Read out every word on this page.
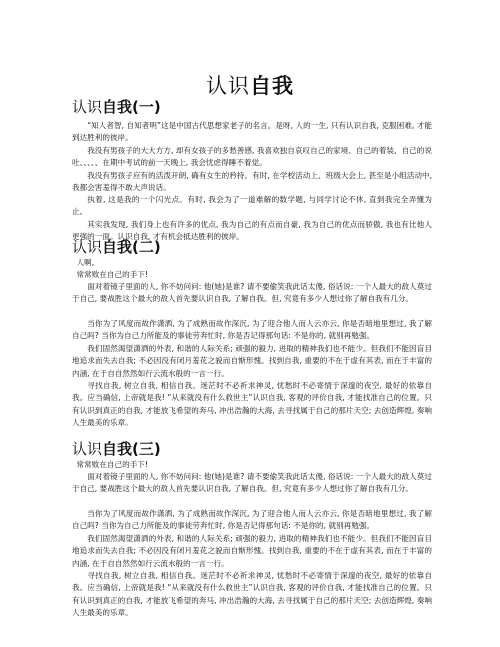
认识自我
认识自我(一)

“知人者智, 自知者明”这是中国古代思想家老子的名言。是呀, 人的一生, 只有认识自我, 克服困难, 才能到达胜利的彼岸。

我没有男孩子的大大方方, 却有女孩子的多愁善感, 我喜欢独自哀叹自己的家境、自己的着装、自己的说吐、、、、、在期中考试的前一天晚上, 我会忧虑得睡不着觉。

我没有男孩子应有的活泼开朗, 确有女生的矜持。有时, 在学校活动上、班级大会上, 甚至是小组活动中, 我都会害羞得不敢大声说话。

执着, 这是我的一个闪光点。有时, 我会为了一道难解的数学题, 与同学讨论不休, 直到我完全弄懂为止。

其实我发现, 我们身上也有许多的优点, 我为自己的有点而自豪, 我为自己的优点而骄傲, 我也有比他人更强的一面。认识自我, 才有机会抵达胜利的彼岸。

认识自我(二)

人啊,

常常败在自己的手下!

面对着镜子里面的人, 你不妨问问: 他(她)是谁? 请不要偷笑我此话太傻, 俗话说: 一个人最大的敌人莫过于自己, 要战胜这个最大的敌人首先要认识自我, 了解自我。但, 究竟有多少人想过你了解自我有几分。

当你为了风度而故作潇洒, 为了成熟而故作深沉, 为了迎合他人而人云亦云, 你是否暗地里想过, 我了解自己吗? 当你为自己力所能及的事徒劳奔忙时, 你是否记得那句话: 不是你的, 就别再勉强。

我们固然渴望潇洒的外表, 和谐的人际关系; 顽强的毅力, 进取的精神我们也不能少。但我们不能因盲目地追求而失去自我; 不必因没有闭月羞花之貌而自惭形愧。找到自我, 重要的不在于虚有其表, 而在于丰富的内涵, 在于自自然然如行云流水般的一言一行。

寻找自我, 树立自我, 相信自我。迷茫时不必祈求神灵, 忧愁时不必寄情于深邃的夜空, 最好的依靠自我。应当确信, 上帝就是我! “从来就没有什么救世主”认识自我, 客观的评价自我, 才能找准自己的位置。只有认识到真正的自我, 才能放飞希望的奔马, 冲出浩瀚的大海, 去寻找属于自己的那片天空; 去创造辉煌, 奏响人生最美的乐章。

认识自我(三)

常常败在自己的手下!

面对着镜子里面的人, 你不妨问问: 他(她)是谁? 请不要偷笑我此话太傻, 俗话说: 一个人最大的敌人莫过于自己, 要战胜这个最大的敌人首先要认识自我, 了解自我。但, 究竟有多少人想过你了解自我有几分。

当你为了风度而故作潇洒, 为了成熟而故作深沉, 为了迎合他人而人云亦云, 你是否暗地里想过, 我了解自己吗? 当你为自己力所能及的事徒劳奔忙时, 你是否记得那句话: 不是你的, 就别再勉强。

我们固然渴望潇洒的外表, 和谐的人际关系; 顽强的毅力, 进取的精神我们也不能少。但我们不能因盲目地追求而失去自我; 不必因没有闭月羞花之貌而自惭形愧。找到自我, 重要的不在于虚有其表, 而在于丰富的内涵, 在于自自然然如行云流水般的一言一行。

寻找自我, 树立自我, 相信自我。迷茫时不必祈求神灵, 忧愁时不必寄情于深邃的夜空, 最好的依靠自我。应当确信, 上帝就是我! “从来就没有什么救世主”认识自我, 客观的评价自我, 才能找准自己的位置。只有认识到真正的自我, 才能放飞希望的奔马, 冲出浩瀚的大海, 去寻找属于自己的那片天空; 去创造辉煌, 奏响人生最美的乐章。
